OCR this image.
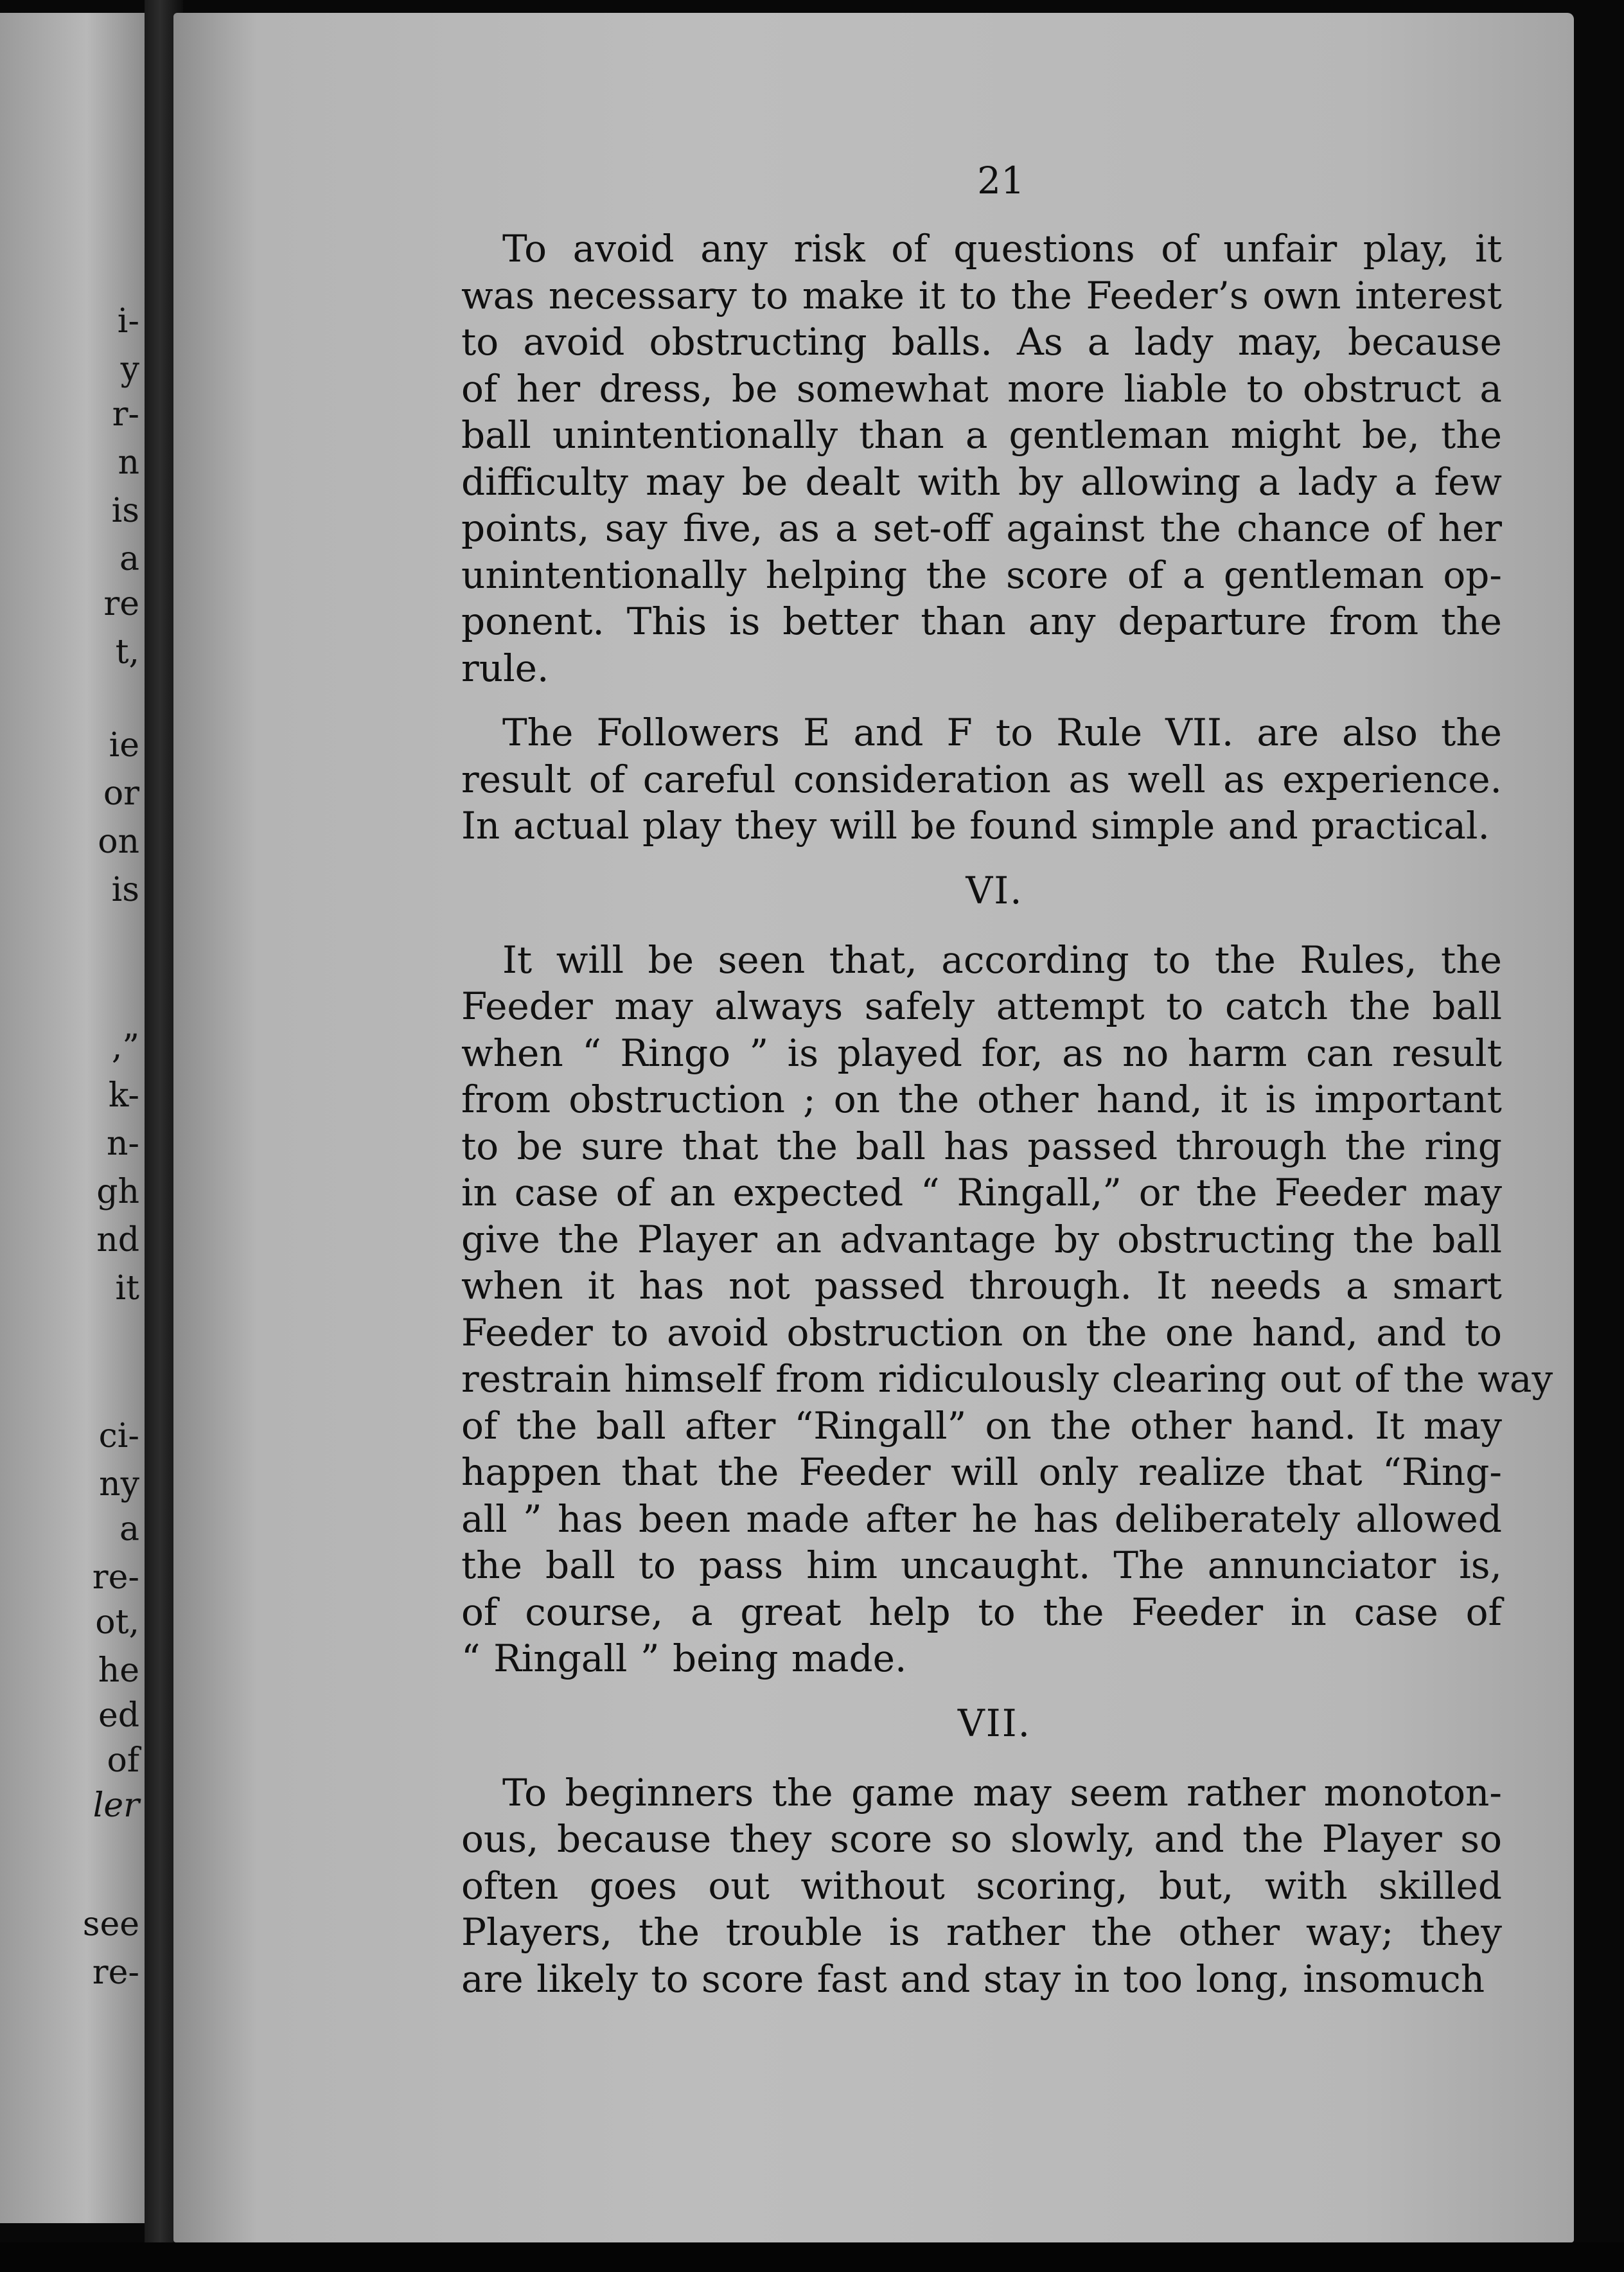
i-
y
r-
n
is
a
re
t,
ie
or
on
is
,”
k-
n-
gh
nd
it
ci-
ny
a
re-
ot,
he
ed
of
ler
see
re-
21
To avoid any risk of questions of unfair play, it
was necessary to make it to the Feeder’s own interest
to avoid obstructing balls. As a lady may, because
of her dress, be somewhat more liable to obstruct a
ball unintentionally than a gentleman might be, the
difficulty may be dealt with by allowing a lady a few
points, say five, as a set-off against the chance of her
unintentionally helping the score of a gentleman op-
ponent. This is better than any departure from the
rule.
The Followers E and F to Rule VII. are also the
result of careful consideration as well as experience.
In actual play they will be found simple and practical.
VI.
It will be seen that, according to the Rules, the
Feeder may always safely attempt to catch the ball
when “ Ringo ” is played for, as no harm can result
from obstruction ; on the other hand, it is important
to be sure that the ball has passed through the ring
in case of an expected “ Ringall,” or the Feeder may
give the Player an advantage by obstructing the ball
when it has not passed through. It needs a smart
Feeder to avoid obstruction on the one hand, and to
restrain himself from ridiculously clearing out of the way
of the ball after “Ringall” on the other hand. It may
happen that the Feeder will only realize that “Ring-
all ” has been made after he has deliberately allowed
the ball to pass him uncaught. The annunciator is,
of course, a great help to the Feeder in case of
“ Ringall ” being made.
VII.
To beginners the game may seem rather monoton-
ous, because they score so slowly, and the Player so
often goes out without scoring, but, with skilled
Players, the trouble is rather the other way; they
are likely to score fast and stay in too long, insomuch
